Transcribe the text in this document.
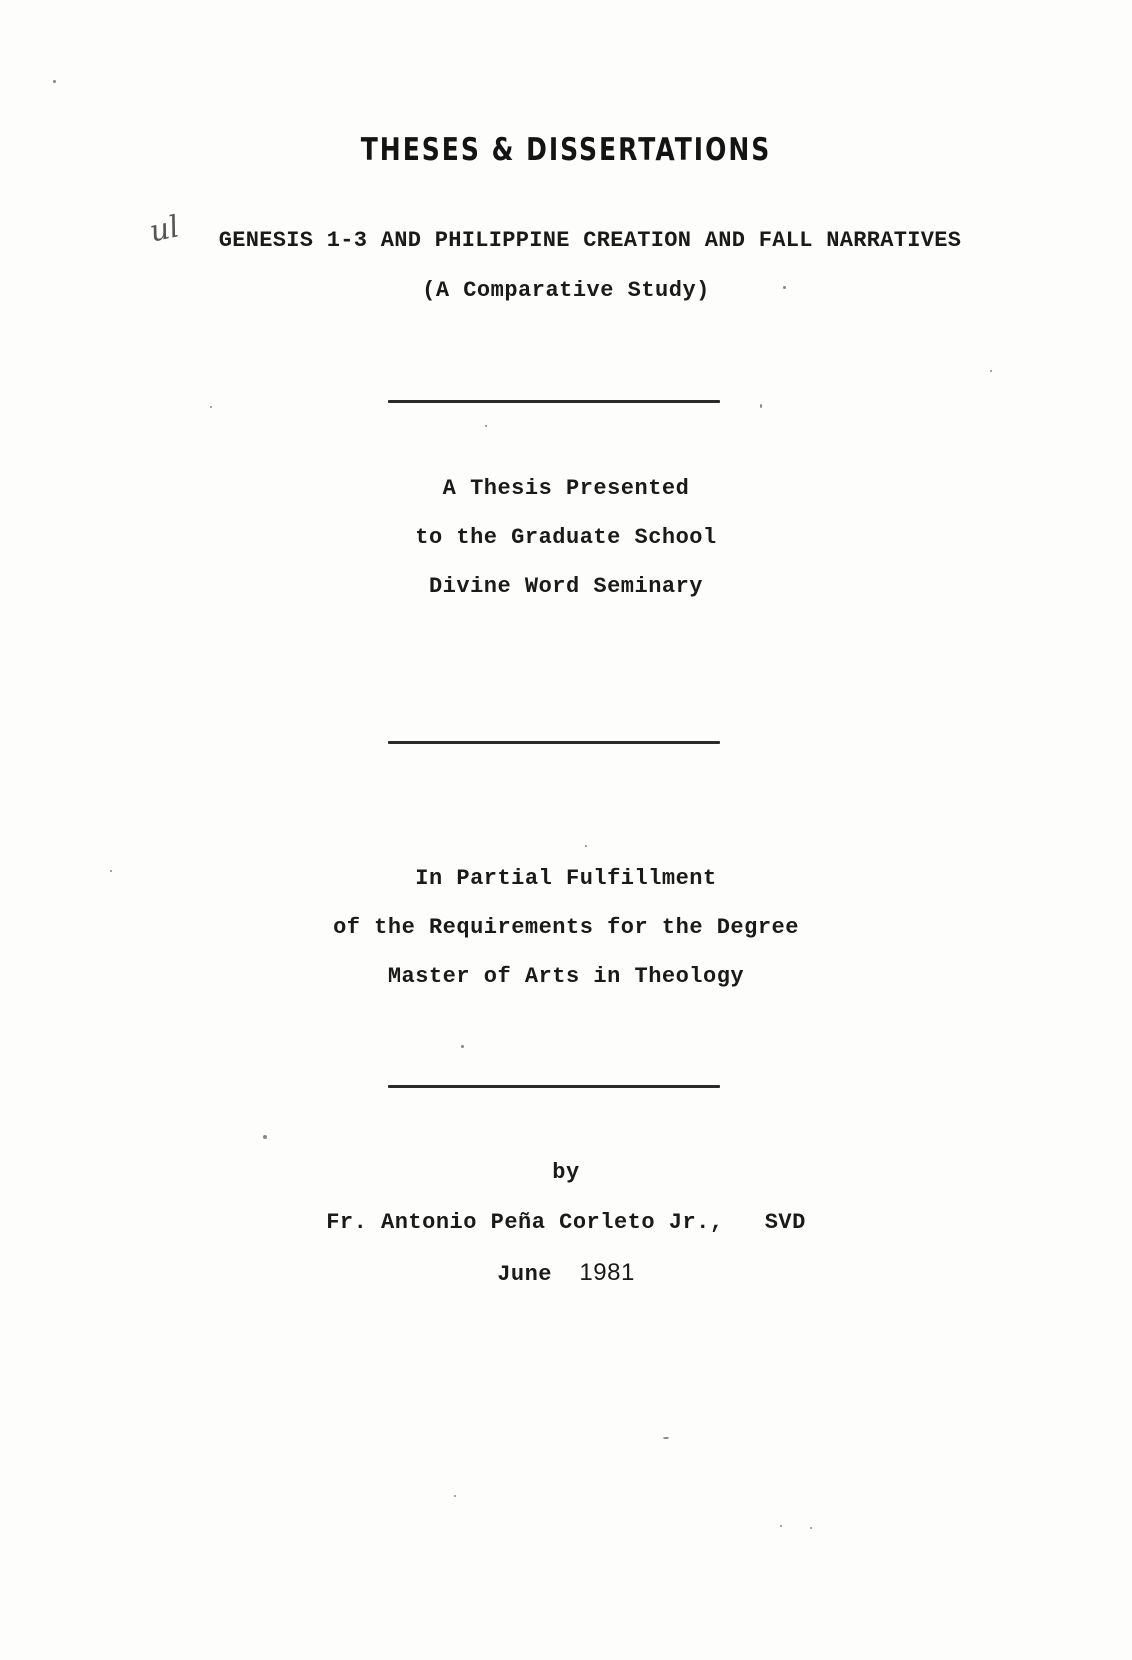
THESES & DISSERTATIONS
ul	GENESIS 1-3 AND PHILIPPINE CREATION AND FALL NARRATIVES
(A Comparative Study)
A Thesis Presented
to the Graduate School
Divine Word Seminary
In Partial Fulfillment
of the Requirements for the Degree
Master of Arts in Theology
by
Fr. Antonio Peña Corleto Jr., SVD
June 1981
